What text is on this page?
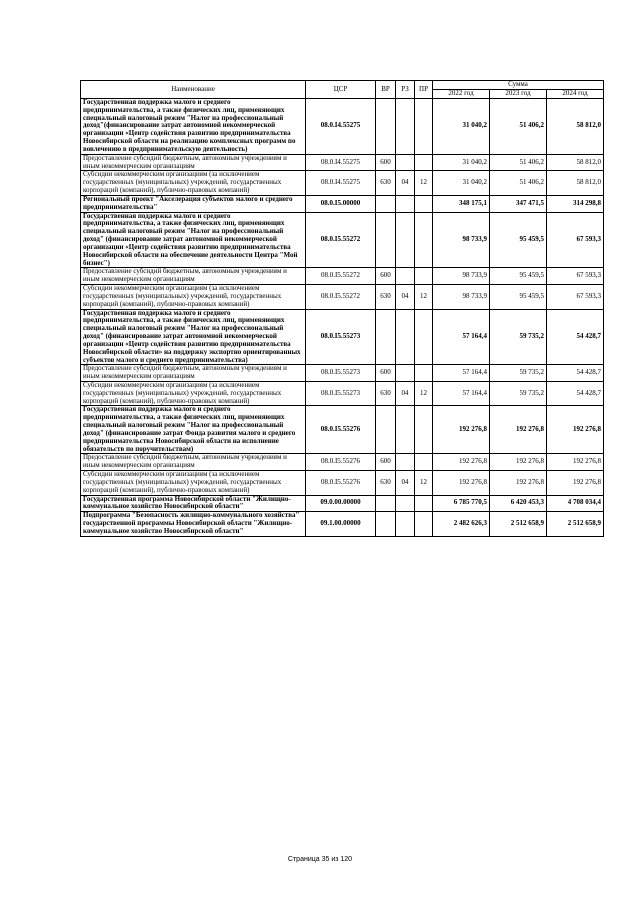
Наименование	ЦСР	ВР	РЗ	ПР	Сумма		
					2022 год	2023 год	2024 год
Государственная поддержка малого и среднего предпринимательства, а также физических лиц, применяющих специальный налоговый режим "Налог на профессиональный доход"(финансирование затрат автономной некоммерческой организации «Центр содействия развитию предпринимательства Новосибирской области на реализацию комплексных программ по вовлечению в предпринимательскую деятельность)	08.0.I4.55275				31 040,2	51 406,2	58 812,0
Предоставление субсидий бюджетным, автономным учреждениям и иным некоммерческим организациям	08.0.I4.55275	600			31 040,2	51 406,2	58 812,0
Субсидии некоммерческим организациям (за исключением государственных (муниципальных) учреждений, государственных корпораций (компаний), публично-правовых компаний)	08.0.I4.55275	630	04	12	31 040,2	51 406,2	58 812,0
Региональный проект "Акселерация субъектов малого и среднего предпринимательства"	08.0.I5.00000				348 175,1	347 471,5	314 298,8
Государственная поддержка малого и среднего предпринимательства, а также физических лиц, применяющих специальный налоговый режим "Налог на профессиональный доход" (финансирование затрат автономной некоммерческой организации «Центр содействия развитию предпринимательства Новосибирской области на обеспечение деятельности Центра "Мой бизнес")	08.0.I5.55272				98 733,9	95 459,5	67 593,3
Предоставление субсидий бюджетным, автономным учреждениям и иным некоммерческим организациям	08.0.I5.55272	600			98 733,9	95 459,5	67 593,3
Субсидии некоммерческим организациям (за исключением государственных (муниципальных) учреждений, государственных корпораций (компаний), публично-правовых компаний)	08.0.I5.55272	630	04	12	98 733,9	95 459,5	67 593,3
Государственная поддержка малого и среднего предпринимательства, а также физических лиц, применяющих специальный налоговый режим "Налог на профессиональный доход" (финансирование затрат автономной некоммерческой организации «Центр содействия развитию предпринимательства Новосибирской области» на поддержку экспортно ориентированных субъектов малого и среднего предпринимательства)	08.0.I5.55273				57 164,4	59 735,2	54 428,7
Предоставление субсидий бюджетным, автономным учреждениям и иным некоммерческим организациям	08.0.I5.55273	600			57 164,4	59 735,2	54 428,7
Субсидии некоммерческим организациям (за исключением государственных (муниципальных) учреждений, государственных корпораций (компаний), публично-правовых компаний)	08.0.I5.55273	630	04	12	57 164,4	59 735,2	54 428,7
Государственная поддержка малого и среднего предпринимательства, а также физических лиц, применяющих специальный налоговый режим "Налог на профессиональный доход" (финансирование затрат Фонда развития малого и среднего предпринимательства Новосибирской области на исполнение обязательств по поручительствам)	08.0.I5.55276				192 276,8	192 276,8	192 276,8
Предоставление субсидий бюджетным, автономным учреждениям и иным некоммерческим организациям	08.0.I5.55276	600			192 276,8	192 276,8	192 276,8
Субсидии некоммерческим организациям (за исключением государственных (муниципальных) учреждений, государственных корпораций (компаний), публично-правовых компаний)	08.0.I5.55276	630	04	12	192 276,8	192 276,8	192 276,8
Государственная программа Новосибирской области "Жилищно-коммунальное хозяйство Новосибирской области"	09.0.00.00000				6 785 770,5	6 420 453,3	4 708 034,4
Подпрограмма "Безопасность жилищно-коммунального хозяйства" государственной программы Новосибирской области "Жилищно-коммунальное хозяйство Новосибирской области"	09.1.00.00000				2 482 626,3	2 512 658,9	2 512 658,9
Страница 35 из 120
